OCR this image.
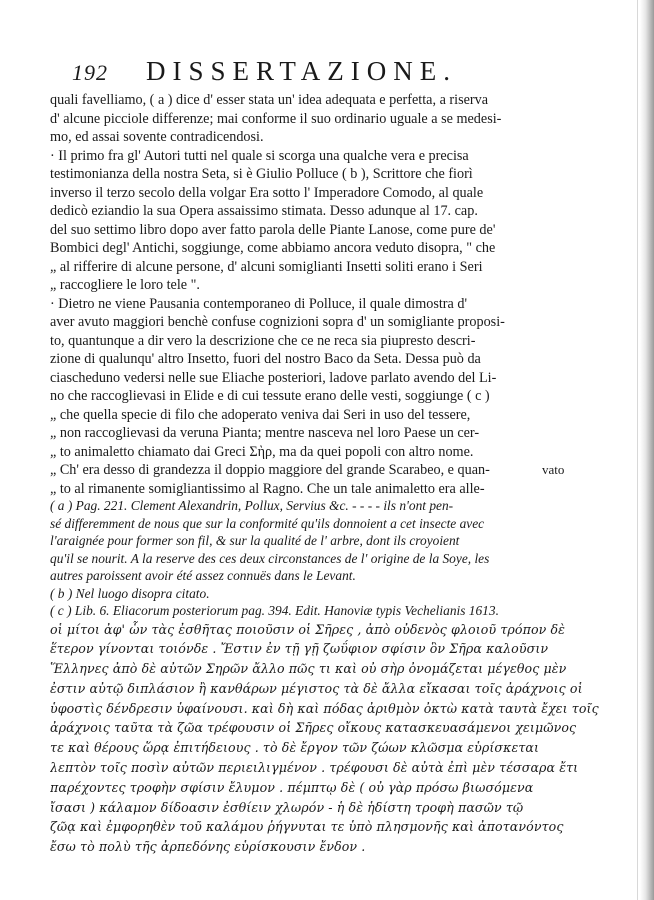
192 DISSERTAZIONE.
quali favelliamo, ( a ) dice d' esser stata un' idea adequata e perfetta, a riserva
d' alcune picciole differenze; mai conforme il suo ordinario uguale a se medesi-
mo, ed assai sovente contradicendosi.
· Il primo fra gl' Autori tutti nel quale si scorga una qualche vera e precisa
testimonianza della nostra Seta, si è Giulio Polluce ( b ), Scrittore che fiorì
inverso il terzo secolo della volgar Era sotto l' Imperadore Comodo, al quale
dedicò eziandio la sua Opera assaissimo stimata. Desso adunque al 17. cap.
del suo settimo libro dopo aver fatto parola delle Piante Lanose, come pure de'
Bombici degl' Antichi, soggiunge, come abbiamo ancora veduto disopra, " che
„ al rifferire di alcune persone, d' alcuni somiglianti Insetti soliti erano i Seri
„ raccogliere le loro tele ".
· Dietro ne viene Pausania contemporaneo di Polluce, il quale dimostra d'
aver avuto maggiori benchè confuse cognizioni sopra d' un somigliante proposi-
to, quantunque a dir vero la descrizione che ce ne reca sia piupresto descri-
zione di qualunqu' altro Insetto, fuori del nostro Baco da Seta. Dessa può da
ciascheduno vedersi nelle sue Eliache posteriori, ladove parlato avendo del Li-
no che raccoglievasi in Elide e di cui tessute erano delle vesti, soggiunge ( c )
„ che quella specie di filo che adoperato veniva dai Seri in uso del tessere,
„ non raccoglievasi da veruna Pianta; mentre nasceva nel loro Paese un cer-
„ to animaletto chiamato dai Greci Σὴρ, ma da quei popoli con altro nome.
„ Ch' era desso di grandezza il doppio maggiore del grande Scarabeo, e quan-
„ to al rimanente somigliantissimo al Ragno. Che un tale animaletto era alle-
vato
( a ) Pag. 221. Clement Alexandrin, Pollux, Servius &c. - - - - ils n'ont pen-
sé differemment de nous que sur la conformité qu'ils donnoient a cet insecte avec
l'araignée pour former son fil, & sur la qualité de l' arbre, dont ils croyoient
qu'il se nourit. A la reserve des ces deux circonstances de l' origine de la Soye, les
autres paroissent avoir été assez connuës dans le Levant.
( b ) Nel luogo disopra citato.
( c ) Lib. 6. Eliacorum posteriorum pag. 394. Edit. Hanoviæ typis Vechelianis 1613.
οἱ μίτοι ἀφ' ὧν τὰς ἐσθῆτας ποιοῦσιν οἱ Σῆρες , ἀπὸ οὐδενὸς φλοιοῦ τρόπον δὲ
ἕτερον γίνονται τοιόνδε . Ἔστιν ἐν τῇ γῇ ζωΰφιον σφίσιν ὃν Σῆρα καλοῦσιν
Ἕλληνες ἀπὸ δὲ αὐτῶν Σηρῶν ἄλλο πῶς τι καὶ οὐ σὴρ ὀνομάζεται μέγεθος μὲν
ἐστιν αὐτῷ διπλάσιον ἢ κανθάρων μέγιστος τὰ δὲ ἄλλα εἴκασαι τοῖς ἀράχνοις οἱ
ὑφοστὶς δένδρεσιν ὑφαίνουσι. καὶ δὴ καὶ πόδας ἀριθμὸν ὀκτὼ κατὰ ταυτὰ ἔχει τοῖς
ἀράχνοις ταῦτα τὰ ζῶα τρέφουσιν οἱ Σῆρες οἴκους κατασκευασάμενοι χειμῶνος
τε καὶ θέρους ὥρᾳ ἐπιτήδειους . τὸ δὲ ἔργον τῶν ζώων κλῶσμα εὑρίσκεται
λεπτὸν τοῖς ποσὶν αὐτῶν περιειλιγμένον . τρέφουσι δὲ αὐτὰ ἐπὶ μὲν τέσσαρα ἔτι
παρέχοντες τροφὴν σφίσιν ἔλυμον . πέμπτῳ δὲ ( οὐ γὰρ πρόσω βιωσόμενα
ἴσασι ) κάλαμον δίδοασιν ἐσθίειν χλωρόν - ἡ δὲ ἡδίστη τροφὴ πασῶν τῷ
ζῶᾳ καὶ ἐμφορηθὲν τοῦ καλάμου ῥήγνυται τε ὑπὸ πλησμονῆς καὶ ἀποτανόντος
ἔσω τὸ πολὺ τῆς ἀρπεδόνης εὑρίσκουσιν ἔνδον .
